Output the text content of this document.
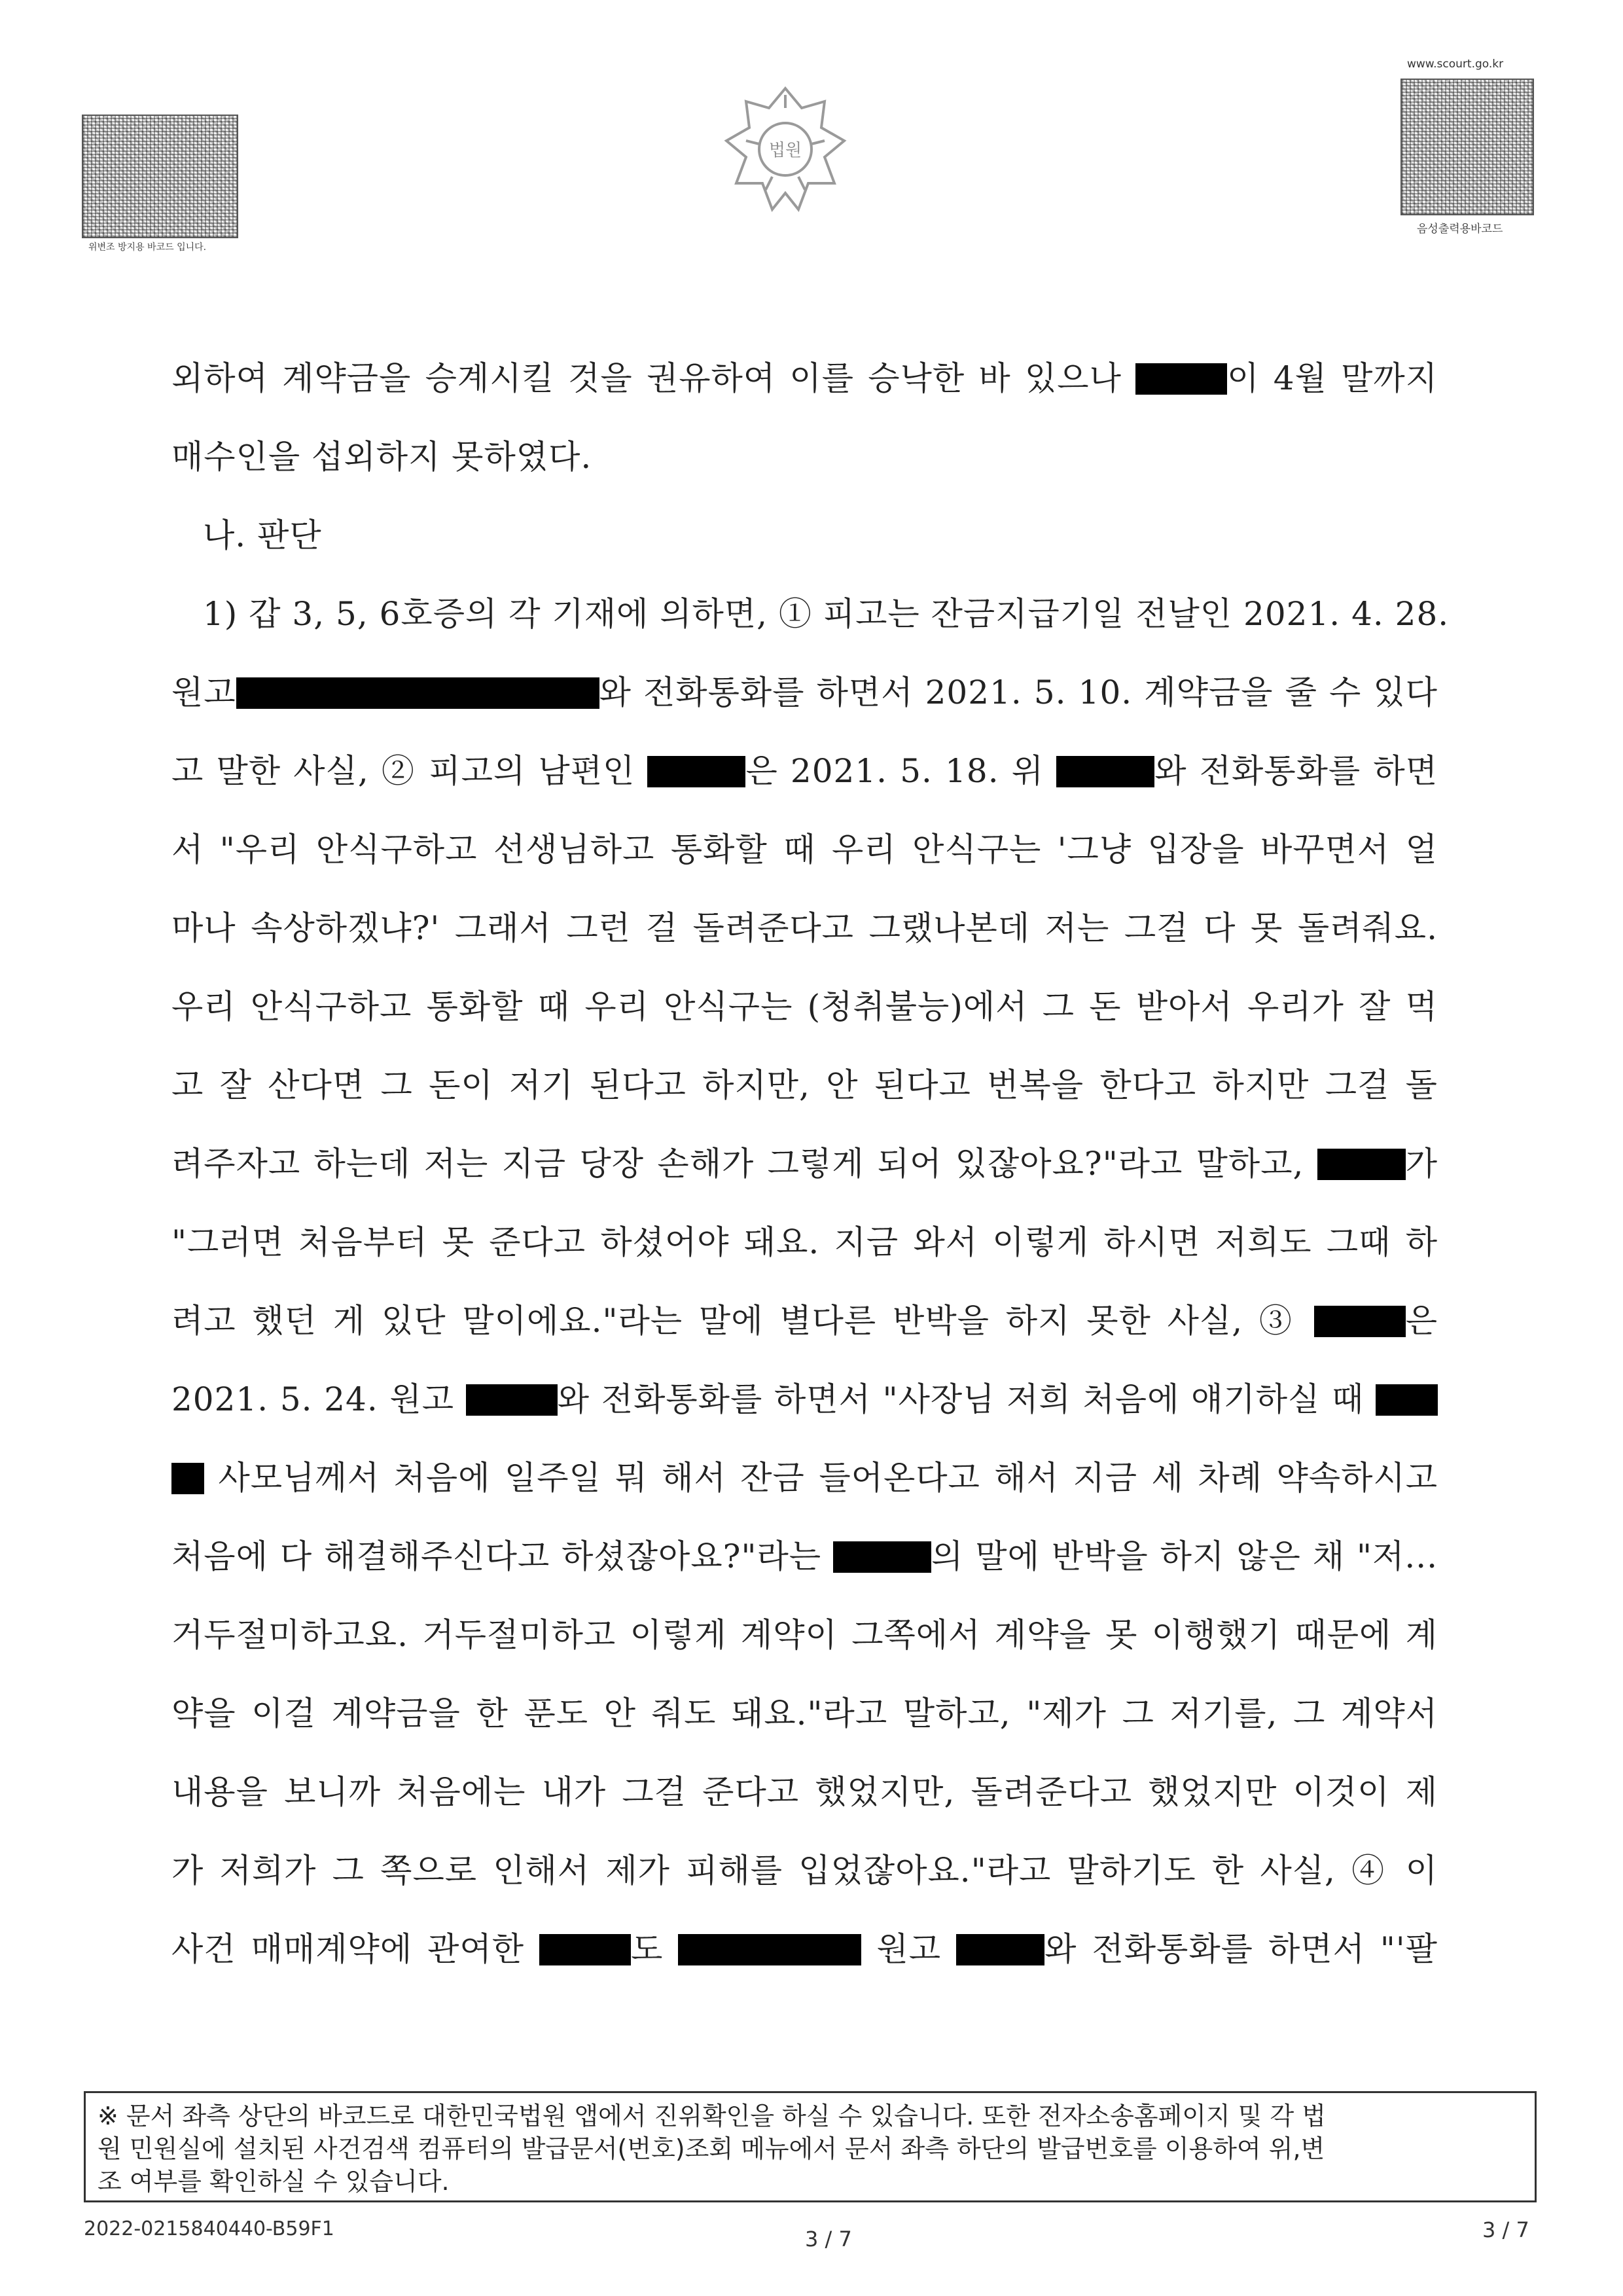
위변조 방지용 바코드 입니다.
법원
www.scourt.go.kr
음성출력용바코드
외하여 계약금을 승계시킬 것을 권유하여 이를 승낙한 바 있으나	이 4월 말까지
매수인을 섭외하지 못하였다.
나. 판단
1) 갑 3, 5, 6호증의 각 기재에 의하면, ① 피고는 잔금지급기일 전날인 2021. 4. 28.
원고	와 전화통화를 하면서 2021. 5. 10. 계약금을 줄 수 있다
고 말한 사실, ② 피고의 남편인	은 2021. 5. 18. 위	와 전화통화를 하면
서 "우리 안식구하고 선생님하고 통화할 때 우리 안식구는 '그냥 입장을 바꾸면서 얼
마나 속상하겠냐?' 그래서 그런 걸 돌려준다고 그랬나본데 저는 그걸 다 못 돌려줘요.
우리 안식구하고 통화할 때 우리 안식구는 (청취불능)에서 그 돈 받아서 우리가 잘 먹
고 잘 산다면 그 돈이 저기 된다고 하지만, 안 된다고 번복을 한다고 하지만 그걸 돌
려주자고 하는데 저는 지금 당장 손해가 그렇게 되어 있잖아요?"라고 말하고,	가
"그러면 처음부터 못 준다고 하셨어야 돼요. 지금 와서 이렇게 하시면 저희도 그때 하
려고 했던 게 있단 말이에요."라는 말에 별다른 반박을 하지 못한 사실, ③	은
2021. 5. 24. 원고	와 전화통화를 하면서 "사장님 저희 처음에 얘기하실 때
사모님께서 처음에 일주일 뭐 해서 잔금 들어온다고 해서 지금 세 차례 약속하시고
처음에 다 해결해주신다고 하셨잖아요?"라는	의 말에 반박을 하지 않은 채 "저...
거두절미하고요. 거두절미하고 이렇게 계약이 그쪽에서 계약을 못 이행했기 때문에 계
약을 이걸 계약금을 한 푼도 안 줘도 돼요."라고 말하고, "제가 그 저기를, 그 계약서
내용을 보니까 처음에는 내가 그걸 준다고 했었지만, 돌려준다고 했었지만 이것이 제
가 저희가 그 쪽으로 인해서 제가 피해를 입었잖아요."라고 말하기도 한 사실, ④ 이
사건 매매계약에 관여한	도	원고	와 전화통화를 하면서 "'팔
※ 문서 좌측 상단의 바코드로 대한민국법원 앱에서 진위확인을 하실 수 있습니다. 또한 전자소송홈페이지 및 각 법
원 민원실에 설치된 사건검색 컴퓨터의 발급문서(번호)조회 메뉴에서 문서 좌측 하단의 발급번호를 이용하여 위,변
조 여부를 확인하실 수 있습니다.
2022-0215840440-B59F1	3 / 7	3 / 7
